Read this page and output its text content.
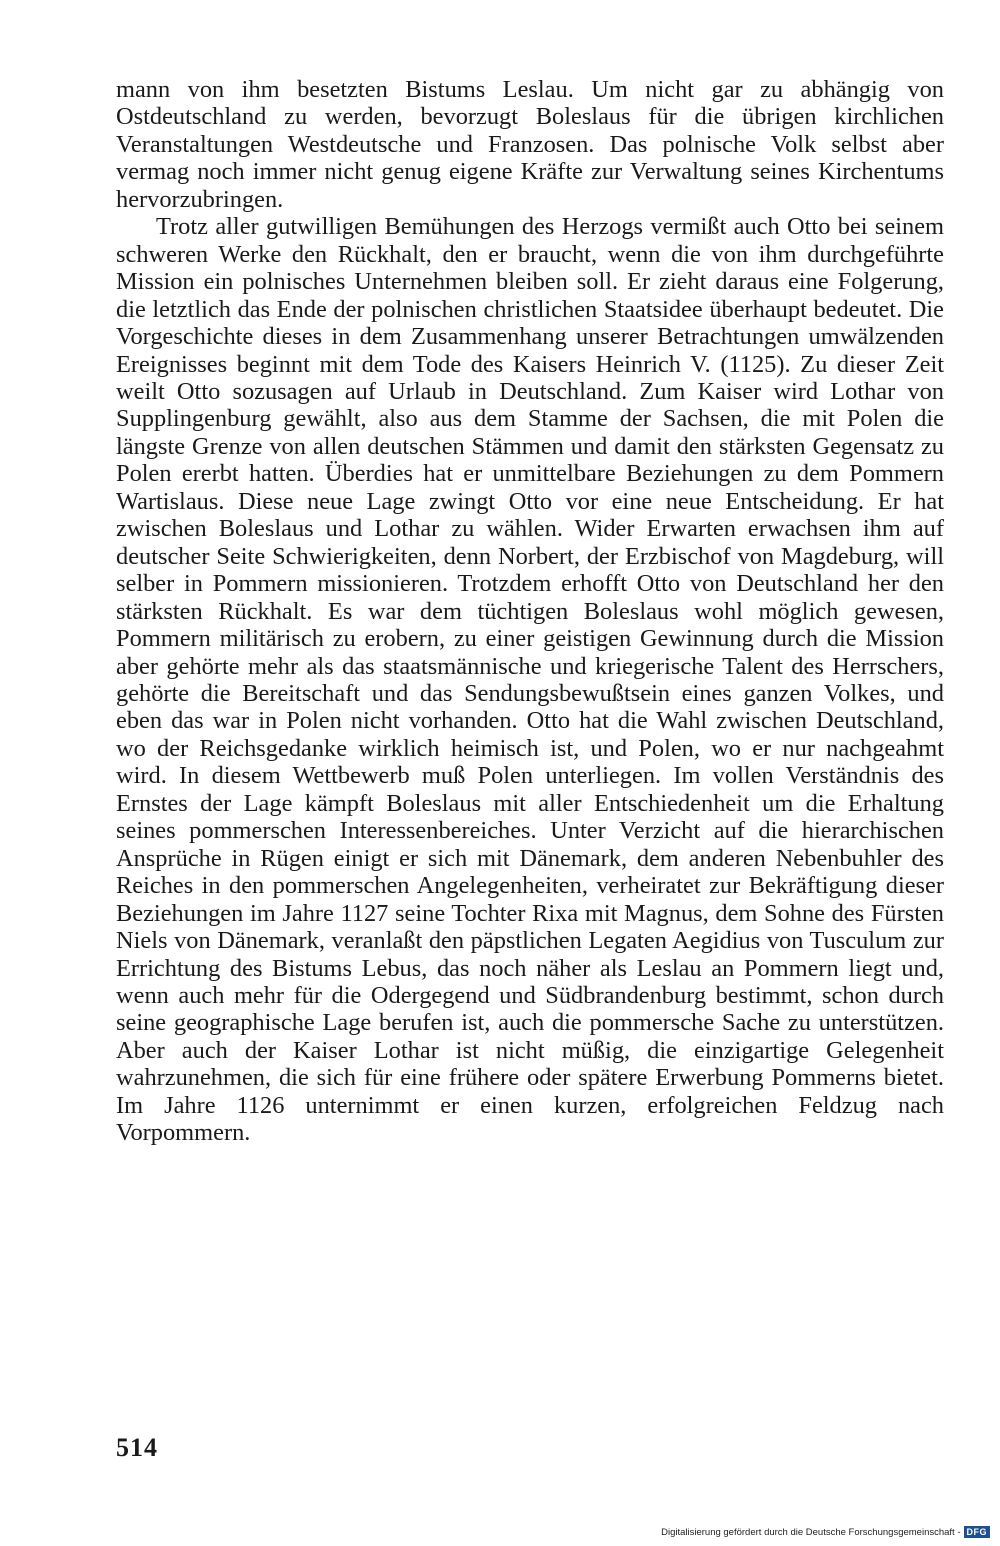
mann von ihm besetzten Bistums Leslau. Um nicht gar zu abhängig von Ostdeutschland zu werden, bevorzugt Boleslaus für die übrigen kirchlichen Veranstaltungen Westdeutsche und Franzosen. Das polnische Volk selbst aber vermag noch immer nicht genug eigene Kräfte zur Verwaltung seines Kirchentums hervorzubringen.

Trotz aller gutwilligen Bemühungen des Herzogs vermißt auch Otto bei seinem schweren Werke den Rückhalt, den er braucht, wenn die von ihm durchgeführte Mission ein polnisches Unternehmen bleiben soll. Er zieht daraus eine Folgerung, die letztlich das Ende der polnischen christlichen Staatsidee überhaupt bedeutet. Die Vorgeschichte dieses in dem Zusammenhang unserer Betrachtungen umwälzenden Ereignisses beginnt mit dem Tode des Kaisers Heinrich V. (1125). Zu dieser Zeit weilt Otto sozusagen auf Urlaub in Deutschland. Zum Kaiser wird Lothar von Supplingenburg gewählt, also aus dem Stamme der Sachsen, die mit Polen die längste Grenze von allen deutschen Stämmen und damit den stärksten Gegensatz zu Polen ererbt hatten. Überdies hat er unmittelbare Beziehungen zu dem Pommern Wartislaus. Diese neue Lage zwingt Otto vor eine neue Entscheidung. Er hat zwischen Boleslaus und Lothar zu wählen. Wider Erwarten erwachsen ihm auf deutscher Seite Schwierigkeiten, denn Norbert, der Erzbischof von Magdeburg, will selber in Pommern missionieren. Trotzdem erhofft Otto von Deutschland her den stärksten Rückhalt. Es war dem tüchtigen Boleslaus wohl möglich gewesen, Pommern militärisch zu erobern, zu einer geistigen Gewinnung durch die Mission aber gehörte mehr als das staatsmännische und kriegerische Talent des Herrschers, gehörte die Bereitschaft und das Sendungsbewußtsein eines ganzen Volkes, und eben das war in Polen nicht vorhanden. Otto hat die Wahl zwischen Deutschland, wo der Reichsgedanke wirklich heimisch ist, und Polen, wo er nur nachgeahmt wird. In diesem Wettbewerb muß Polen unterliegen. Im vollen Verständnis des Ernstes der Lage kämpft Boleslaus mit aller Entschiedenheit um die Erhaltung seines pommerschen Interessenbereiches. Unter Verzicht auf die hierarchischen Ansprüche in Rügen einigt er sich mit Dänemark, dem anderen Nebenbuhler des Reiches in den pommerschen Angelegenheiten, verheiratet zur Bekräftigung dieser Beziehungen im Jahre 1127 seine Tochter Rixa mit Magnus, dem Sohne des Fürsten Niels von Dänemark, veranlaßt den päpstlichen Legaten Aegidius von Tusculum zur Errichtung des Bistums Lebus, das noch näher als Leslau an Pommern liegt und, wenn auch mehr für die Odergegend und Südbrandenburg bestimmt, schon durch seine geographische Lage berufen ist, auch die pommersche Sache zu unterstützen. Aber auch der Kaiser Lothar ist nicht müßig, die einzigartige Gelegenheit wahrzunehmen, die sich für eine frühere oder spätere Erwerbung Pommerns bietet. Im Jahre 1126 unternimmt er einen kurzen, erfolgreichen Feldzug nach Vorpommern.

514
Digitalisierung gefördert durch die Deutsche Forschungsgemeinschaft - DFG
